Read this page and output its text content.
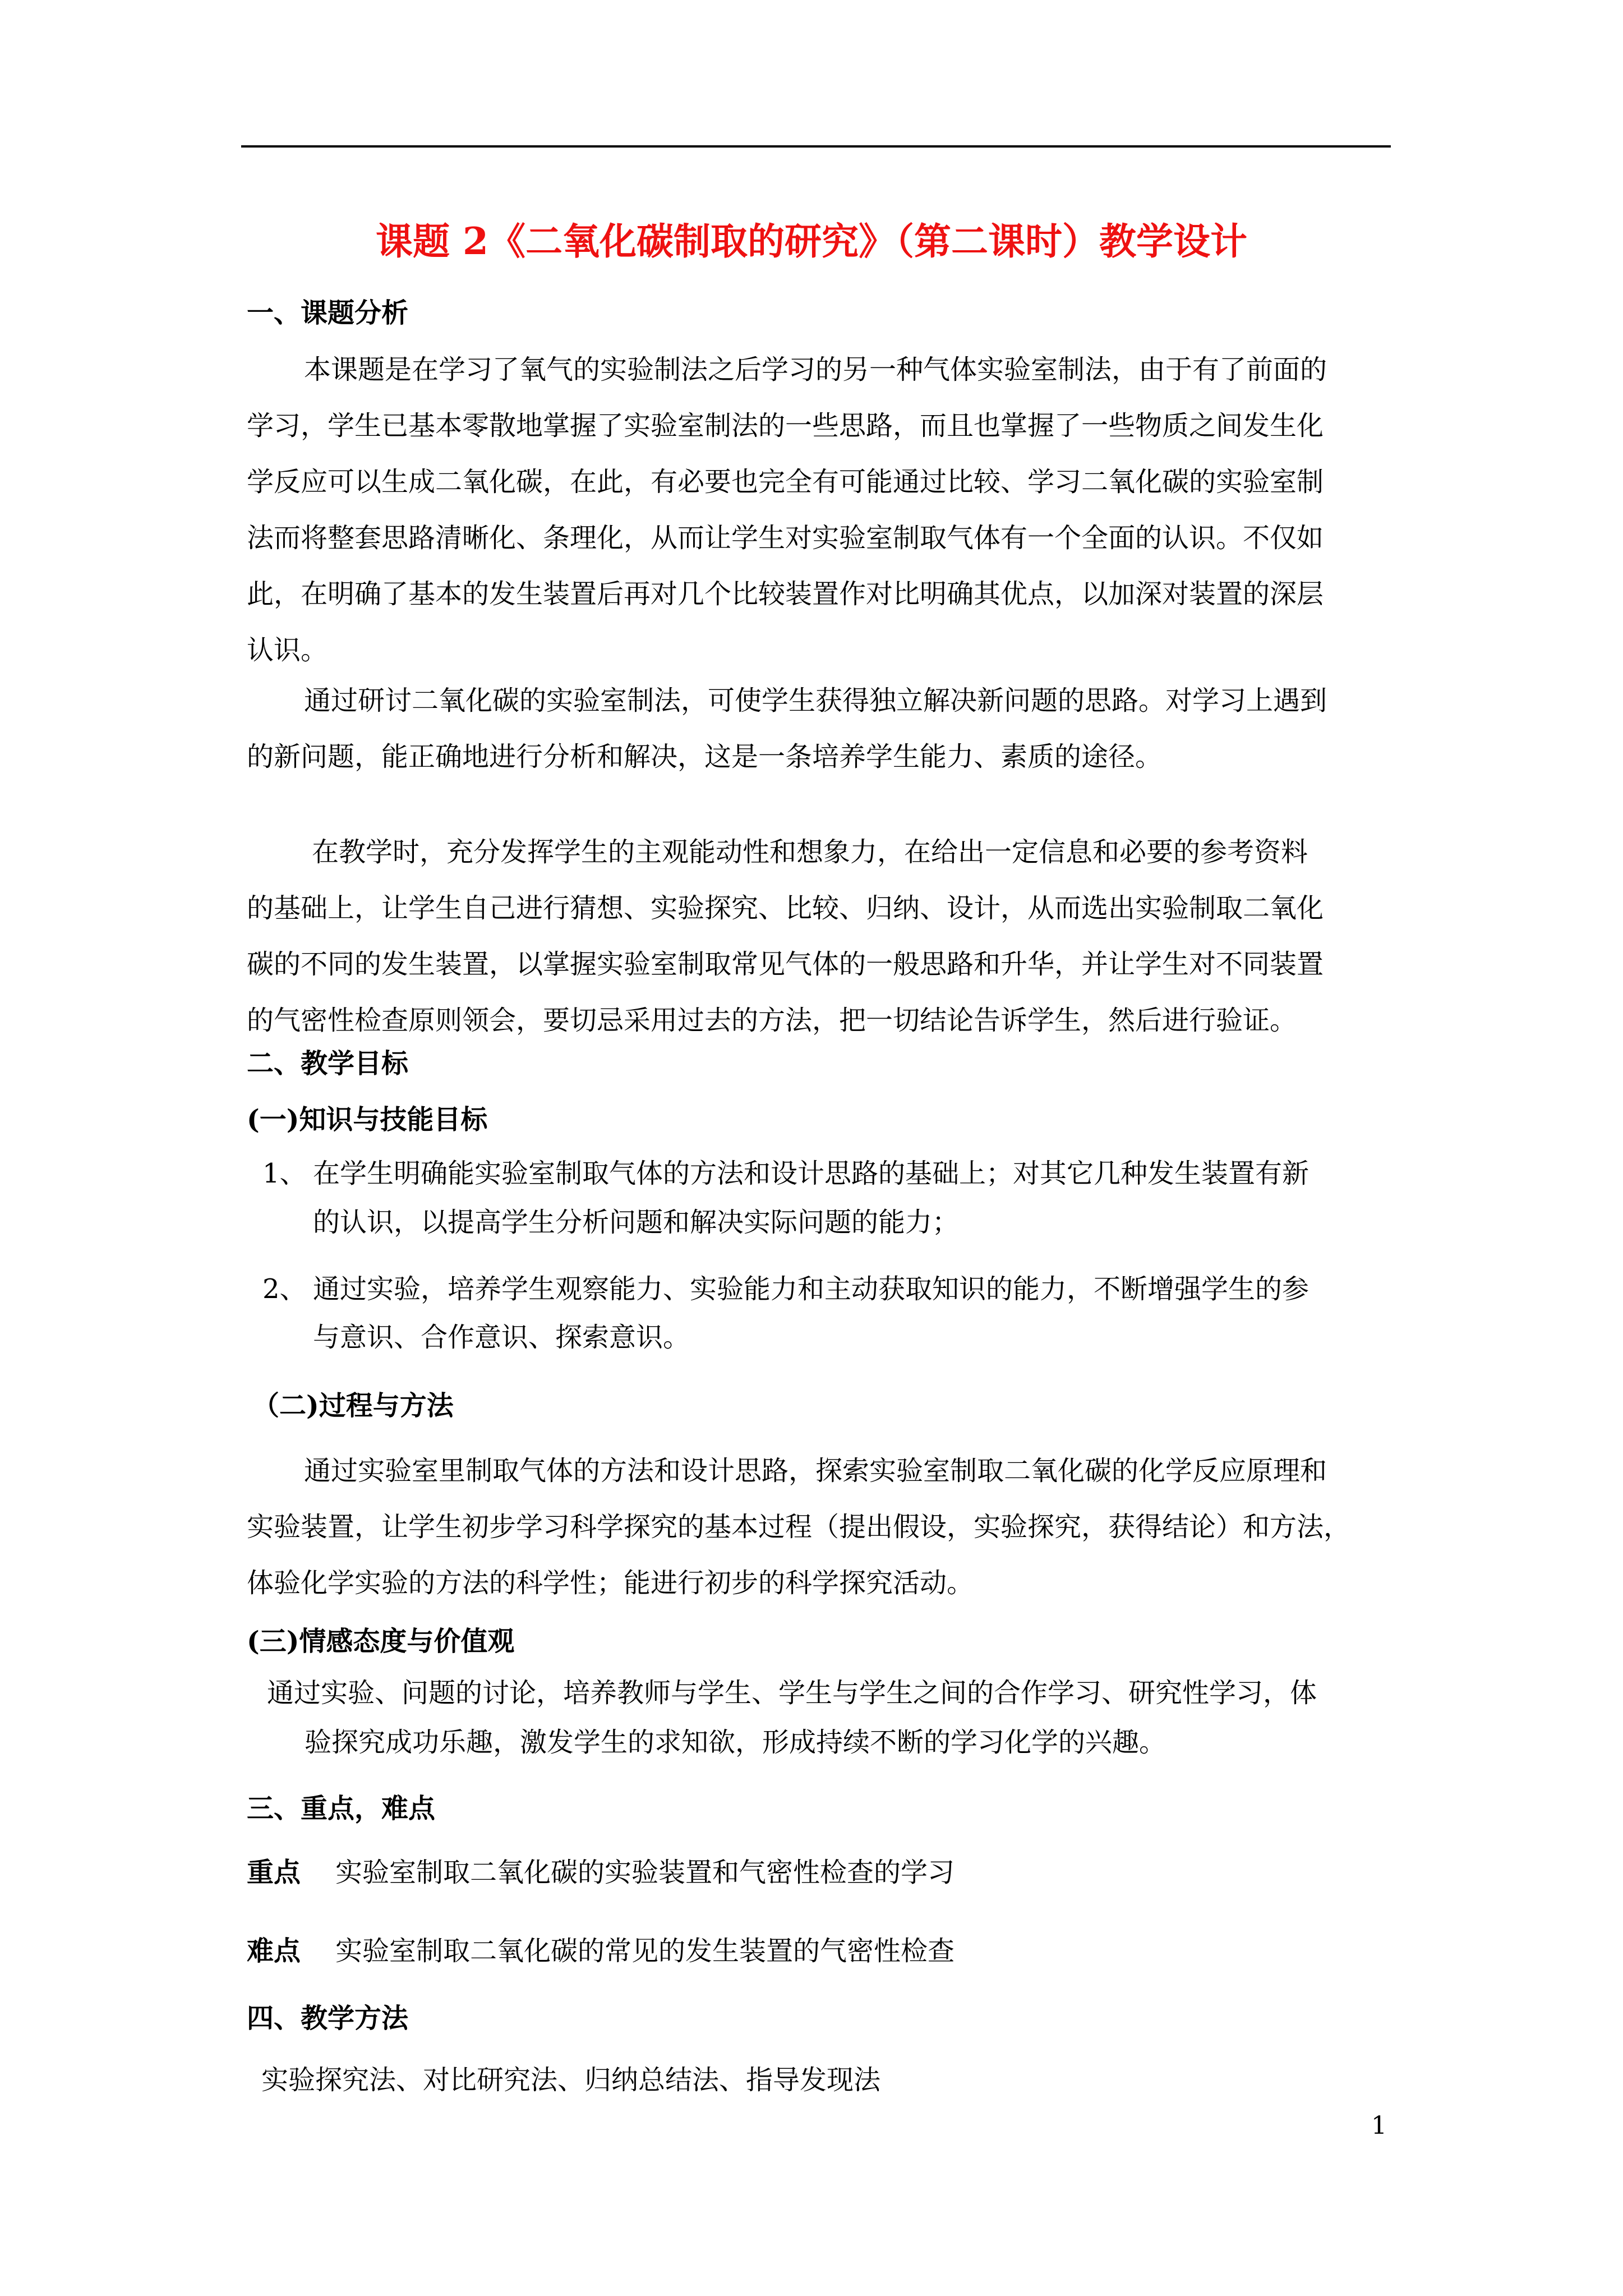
课题 2《二氧化碳制取的研究》（第二课时）教学设计
一、课题分析
本课题是在学习了氧气的实验制法之后学习的另一种气体实验室制法，由于有了前面的
学习，学生已基本零散地掌握了实验室制法的一些思路，而且也掌握了一些物质之间发生化
学反应可以生成二氧化碳，在此，有必要也完全有可能通过比较、学习二氧化碳的实验室制
法而将整套思路清晰化、条理化，从而让学生对实验室制取气体有一个全面的认识。不仅如
此，在明确了基本的发生装置后再对几个比较装置作对比明确其优点，以加深对装置的深层
认识。
通过研讨二氧化碳的实验室制法，可使学生获得独立解决新问题的思路。对学习上遇到
的新问题，能正确地进行分析和解决，这是一条培养学生能力、素质的途径。
在教学时，充分发挥学生的主观能动性和想象力，在给出一定信息和必要的参考资料
的基础上，让学生自己进行猜想、实验探究、比较、归纳、设计，从而选出实验制取二氧化
碳的不同的发生装置，以掌握实验室制取常见气体的一般思路和升华，并让学生对不同装置
的气密性检查原则领会，要切忌采用过去的方法，把一切结论告诉学生，然后进行验证。
二、教学目标
(一)知识与技能目标
1、 在学生明确能实验室制取气体的方法和设计思路的基础上；对其它几种发生装置有新
的认识，以提高学生分析问题和解决实际问题的能力；
2、 通过实验，培养学生观察能力、实验能力和主动获取知识的能力，不断增强学生的参
与意识、合作意识、探索意识。
（二)过程与方法
通过实验室里制取气体的方法和设计思路，探索实验室制取二氧化碳的化学反应原理和
实验装置，让学生初步学习科学探究的基本过程（提出假设，实验探究，获得结论）和方法，
体验化学实验的方法的科学性；能进行初步的科学探究活动。
(三)情感态度与价值观
通过实验、问题的讨论，培养教师与学生、学生与学生之间的合作学习、研究性学习，体
验探究成功乐趣，激发学生的求知欲，形成持续不断的学习化学的兴趣。
三、重点，难点
重点 实验室制取二氧化碳的实验装置和气密性检查的学习
难点 实验室制取二氧化碳的常见的发生装置的气密性检查
四、教学方法
实验探究法、对比研究法、归纳总结法、指导发现法
1
